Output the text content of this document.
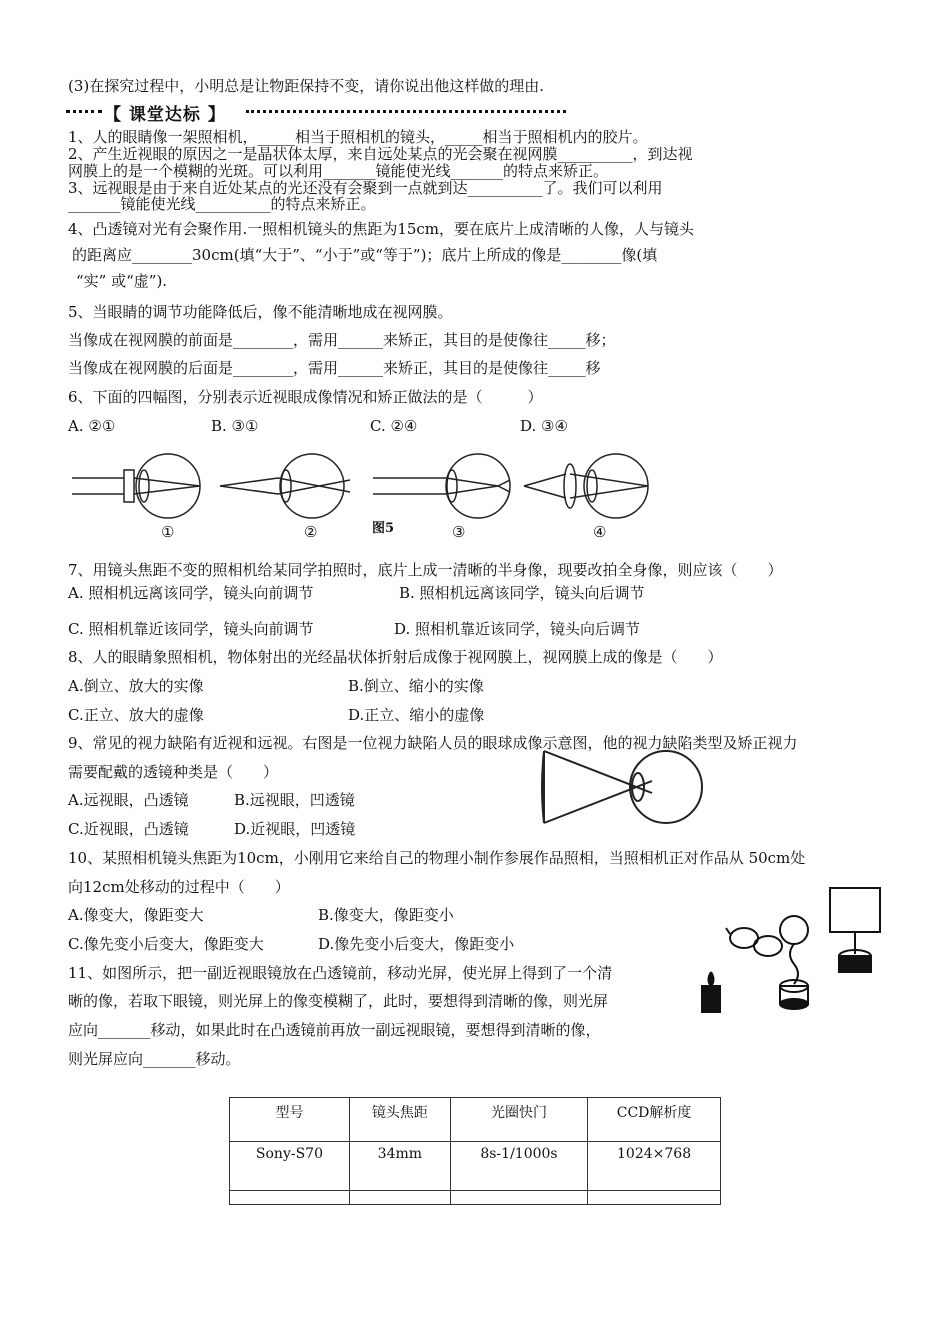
(3)在探究过程中，小明总是让物距保持不变，请你说出他这样做的理由.
【 课堂达标 】
1、人的眼睛像一架照相机，_____相当于照相机的镜头，_____相当于照相机内的胶片。
2、产生近视眼的原因之一是晶状体太厚，来自远处某点的光会聚在视网膜__________，到达视
网膜上的是一个模糊的光斑。可以利用_______镜能使光线_______的特点来矫正。
3、远视眼是由于来自近处某点的光还没有会聚到一点就到达__________了。我们可以利用
_______镜能使光线__________的特点来矫正。
4、凸透镜对光有会聚作用.一照相机镜头的焦距为15cm，要在底片上成清晰的人像，人与镜头
的距离应________30cm(填“大于”、“小于”或“等于”)；底片上所成的像是________像(填
“实” 或“虚”).
5、当眼睛的调节功能降低后，像不能清晰地成在视网膜。
当像成在视网膜的前面是________，需用______来矫正，其目的是使像往_____移；
当像成在视网膜的后面是________，需用______来矫正，其目的是使像往_____移
6、下面的四幅图，分别表示近视眼成像情况和矫正做法的是（　　　）
A. ②①	B. ③①	C. ②④	D. ③④
①	②	图5	③	④
7、用镜头焦距不变的照相机给某同学拍照时，底片上成一清晰的半身像，现要改拍全身像，则应该（　　）
A. 照相机远离该同学，镜头向前调节	B. 照相机远离该同学，镜头向后调节
C. 照相机靠近该同学，镜头向前调节	D. 照相机靠近该同学，镜头向后调节
8、人的眼睛象照相机，物体射出的光经晶状体折射后成像于视网膜上，视网膜上成的像是（　　）
A.倒立、放大的实像	B.倒立、缩小的实像
C.正立、放大的虚像	D.正立、缩小的虚像
9、常见的视力缺陷有近视和远视。右图是一位视力缺陷人员的眼球成像示意图，他的视力缺陷类型及矫正视力
需要配戴的透镜种类是（　　）
A.远视眼，凸透镜	B.远视眼，凹透镜
C.近视眼，凸透镜	D.近视眼，凹透镜
10、某照相机镜头焦距为10cm，小刚用它来给自己的物理小制作参展作品照相，当照相机正对作品从 50cm处
向12cm处移动的过程中（　　）
A.像变大，像距变大	B.像变大，像距变小
C.像先变小后变大，像距变大	D.像先变小后变大，像距变小
11、如图所示，把一副近视眼镜放在凸透镜前，移动光屏，使光屏上得到了一个清
晰的像，若取下眼镜，则光屏上的像变模糊了，此时，要想得到清晰的像，则光屏
应向_______移动，如果此时在凸透镜前再放一副远视眼镜，要想得到清晰的像，
则光屏应向_______移动。
型号	镜头焦距	光圈快门	CCD解析度
Sony-S70	34mm	8s-1/1000s	1024×768
